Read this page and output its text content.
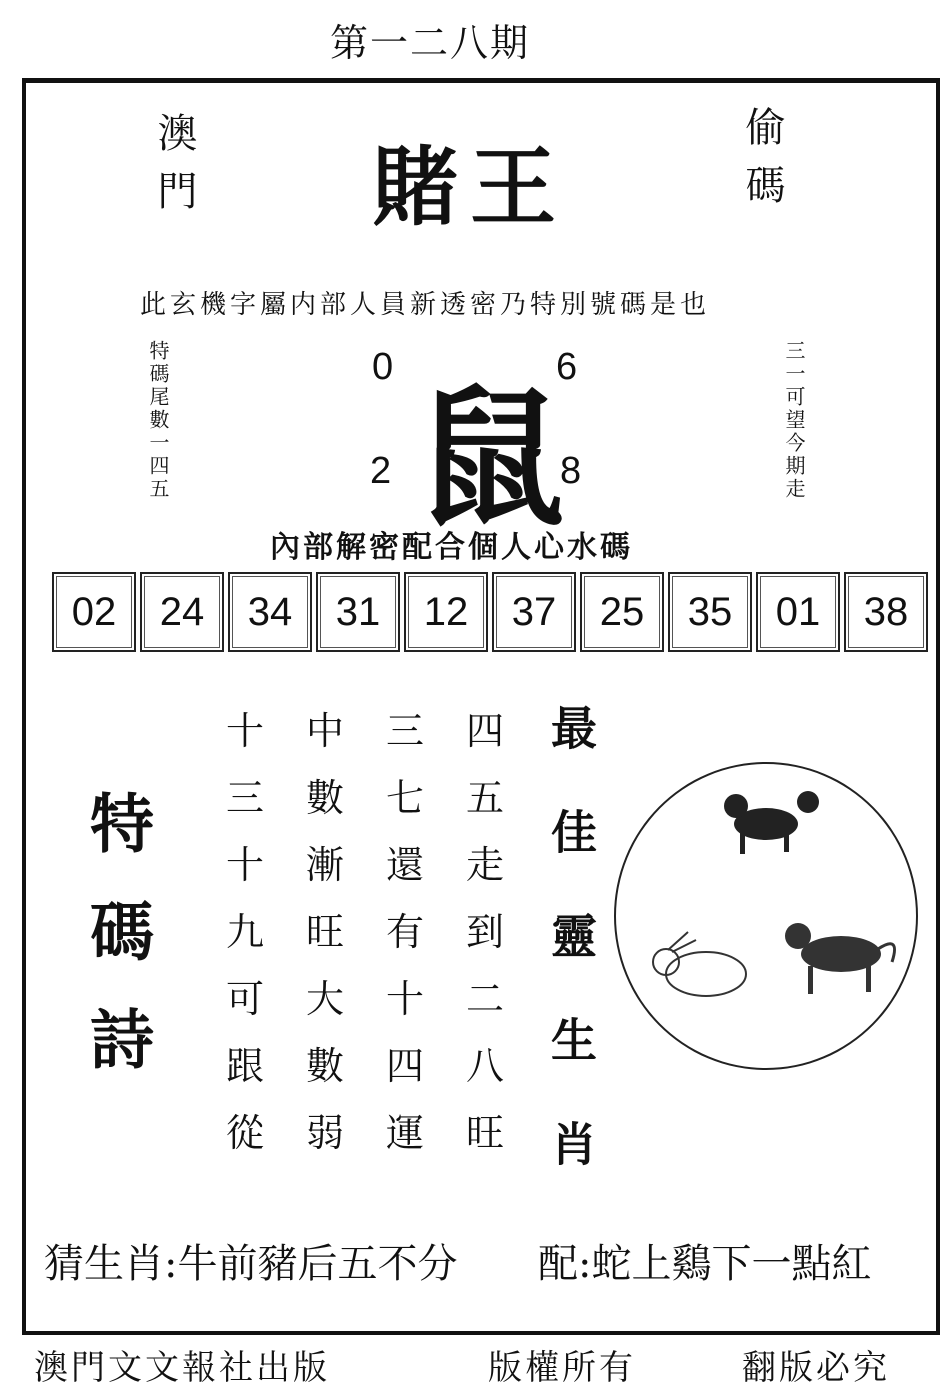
第一二八期
澳門 賭王	偷碼
此玄機字屬内部人員新透密乃特別號碼是也
特碼尾數一四五	三一可望今期走
0	6
2	8
鼠
內部解密配合個人心水碼
02	24	34	31	12	37	25	35	01	38
特碼詩
十	中	三	四
三	數	七	五
十	漸	還	走
九	旺	有	到
可	大	十	二
跟	數	四	八
從	弱	運	旺 最佳靈生肖
猜生肖:牛前豬后五不分 配:蛇上鷄下一點紅
澳門文文報社出版	版權所有	翻版必究
